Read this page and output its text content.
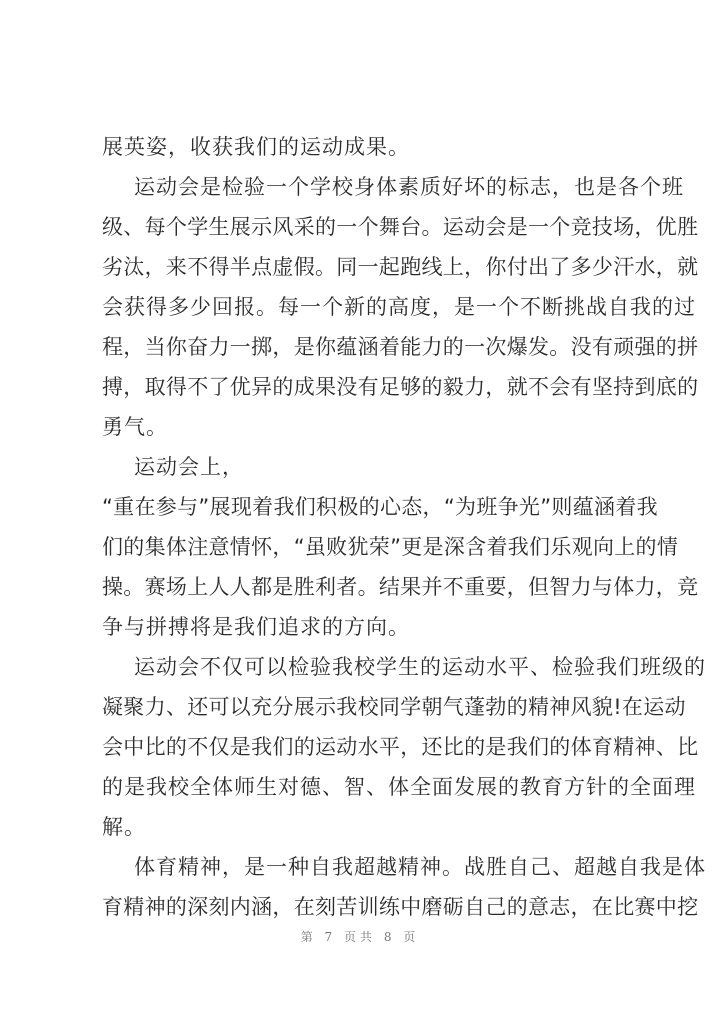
展英姿，收获我们的运动成果。
运动会是检验一个学校身体素质好坏的标志，也是各个班
级、每个学生展示风采的一个舞台。运动会是一个竞技场，优胜
劣汰，来不得半点虚假。同一起跑线上，你付出了多少汗水，就
会获得多少回报。每一个新的高度，是一个不断挑战自我的过
程，当你奋力一掷，是你蕴涵着能力的一次爆发。没有顽强的拼
搏，取得不了优异的成果没有足够的毅力，就不会有坚持到底的
勇气。
运动会上，
“重在参与”展现着我们积极的心态，“为班争光”则蕴涵着我
们的集体注意情怀，“虽败犹荣”更是深含着我们乐观向上的情
操。赛场上人人都是胜利者。结果并不重要，但智力与体力，竞
争与拼搏将是我们追求的方向。
运动会不仅可以检验我校学生的运动水平、检验我们班级的
凝聚力、还可以充分展示我校同学朝气蓬勃的精神风貌!在运动
会中比的不仅是我们的运动水平，还比的是我们的体育精神、比
的是我校全体师生对德、智、体全面发展的教育方针的全面理
解。
体育精神，是一种自我超越精神。战胜自己、超越自我是体
育精神的深刻内涵，在刻苦训练中磨砺自己的意志，在比赛中挖
第 7 页共 8 页
